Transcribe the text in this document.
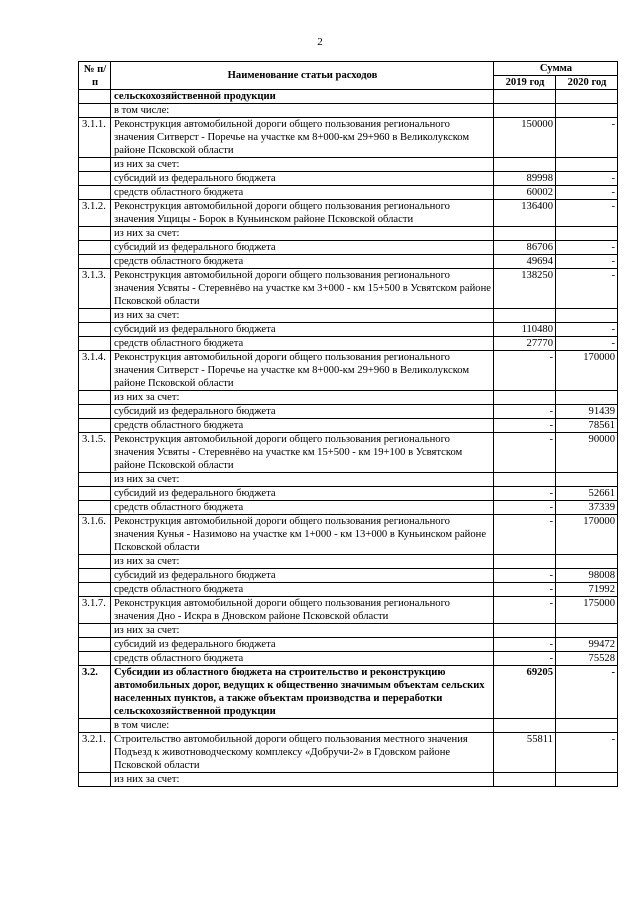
2
№ п/п	Наименование статьи расходов	Сумма	
		2019 год	2020 год
	сельскохозяйственной продукции		
	в том числе:		
3.1.1.	Реконструкция автомобильной дороги общего пользования регионального значения Ситверст - Поречье на участке км 8+000-км 29+960 в Великолукском районе Псковской области	150000	-
	из них за счет:		
	субсидий из федерального бюджета	89998	-
	средств областного бюджета	60002	-
3.1.2.	Реконструкция автомобильной дороги общего пользования регионального значения Ущицы - Борок в Куньинском районе Псковской области	136400	-
	из них за счет:		
	субсидий из федерального бюджета	86706	-
	средств областного бюджета	49694	-
3.1.3.	Реконструкция автомобильной дороги общего пользования регионального значения Усвяты - Стеревнёво на участке км 3+000 - км 15+500 в Усвятском районе Псковской области	138250	-
	из них за счет:		
	субсидий из федерального бюджета	110480	-
	средств областного бюджета	27770	-
3.1.4.	Реконструкция автомобильной дороги общего пользования регионального значения Ситверст - Поречье на участке км 8+000-км 29+960 в Великолукском районе Псковской области	-	170000
	из них за счет:		
	субсидий из федерального бюджета	-	91439
	средств областного бюджета	-	78561
3.1.5.	Реконструкция автомобильной дороги общего пользования регионального значения Усвяты - Стеревнёво на участке км 15+500 - км 19+100 в Усвятском районе Псковской области	-	90000
	из них за счет:		
	субсидий из федерального бюджета	-	52661
	средств областного бюджета	-	37339
3.1.6.	Реконструкция автомобильной дороги общего пользования регионального значения Кунья - Назимово на участке км 1+000 - км 13+000 в Куньинском районе Псковской области	-	170000
	из них за счет:		
	субсидий из федерального бюджета	-	98008
	средств областного бюджета	-	71992
3.1.7.	Реконструкция автомобильной дороги общего пользования регионального значения Дно - Искра в Дновском районе Псковской области	-	175000
	из них за счет:		
	субсидий из федерального бюджета	-	99472
	средств областного бюджета	-	75528
3.2.	Субсидии из областного бюджета на строительство и реконструкцию автомобильных дорог, ведущих к общественно значимым объектам сельских населенных пунктов, а также объектам производства и переработки сельскохозяйственной продукции	69205	-
	в том числе:		
3.2.1.	Строительство автомобильной дороги общего пользования местного значения Подъезд к животноводческому комплексу «Добручи-2» в Гдовском районе Псковской области	55811	-
	из них за счет:		
